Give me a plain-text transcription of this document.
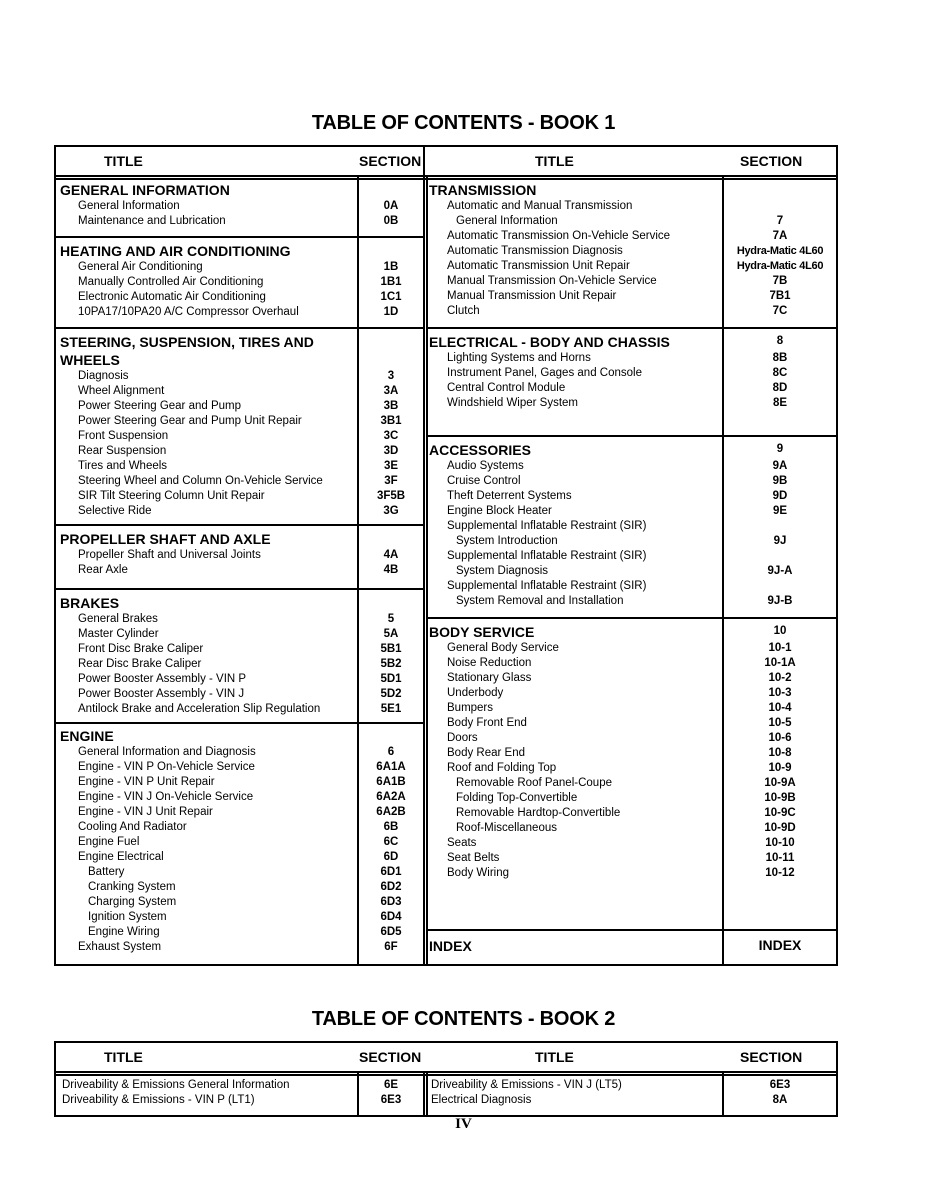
TABLE OF CONTENTS - BOOK 1
TITLE	SECTION	TITLE	SECTION
GENERAL INFORMATION
General Information	0A
Maintenance and Lubrication	0B
HEATING AND AIR CONDITIONING
General Air Conditioning	1B
Manually Controlled Air Conditioning	1B1
Electronic Automatic Air Conditioning	1C1
10PA17/10PA20 A/C Compressor Overhaul	1D
STEERING, SUSPENSION, TIRES AND
WHEELS
Diagnosis	3
Wheel Alignment	3A
Power Steering Gear and Pump	3B
Power Steering Gear and Pump Unit Repair	3B1
Front Suspension	3C
Rear Suspension	3D
Tires and Wheels	3E
Steering Wheel and Column On-Vehicle Service	3F
SIR Tilt Steering Column Unit Repair	3F5B
Selective Ride	3G
PROPELLER SHAFT AND AXLE
Propeller Shaft and Universal Joints	4A
Rear Axle	4B
BRAKES
General Brakes	5
Master Cylinder	5A
Front Disc Brake Caliper	5B1
Rear Disc Brake Caliper	5B2
Power Booster Assembly - VIN P	5D1
Power Booster Assembly - VIN J	5D2
Antilock Brake and Acceleration Slip Regulation	5E1
ENGINE
General Information and Diagnosis	6
Engine - VIN P On-Vehicle Service	6A1A
Engine - VIN P Unit Repair	6A1B
Engine - VIN J On-Vehicle Service	6A2A
Engine - VIN J Unit Repair	6A2B
Cooling And Radiator	6B
Engine Fuel	6C
Engine Electrical	6D
Battery	6D1
Cranking System	6D2
Charging System	6D3
Ignition System	6D4
Engine Wiring	6D5
Exhaust System	6F
TRANSMISSION
Automatic and Manual Transmission
General Information	7
Automatic Transmission On-Vehicle Service	7A
Automatic Transmission Diagnosis	Hydra-Matic 4L60
Automatic Transmission Unit Repair	Hydra-Matic 4L60
Manual Transmission On-Vehicle Service	7B
Manual Transmission Unit Repair	7B1
Clutch	7C
ELECTRICAL - BODY AND CHASSIS	8
Lighting Systems and Horns	8B
Instrument Panel, Gages and Console	8C
Central Control Module	8D
Windshield Wiper System	8E
ACCESSORIES	9
Audio Systems	9A
Cruise Control	9B
Theft Deterrent Systems	9D
Engine Block Heater	9E
Supplemental Inflatable Restraint (SIR)
System Introduction	9J
Supplemental Inflatable Restraint (SIR)
System Diagnosis	9J-A
Supplemental Inflatable Restraint (SIR)
System Removal and Installation	9J-B
BODY SERVICE	10
General Body Service	10-1
Noise Reduction	10-1A
Stationary Glass	10-2
Underbody	10-3
Bumpers	10-4
Body Front End	10-5
Doors	10-6
Body Rear End	10-8
Roof and Folding Top	10-9
Removable Roof Panel-Coupe	10-9A
Folding Top-Convertible	10-9B
Removable Hardtop-Convertible	10-9C
Roof-Miscellaneous	10-9D
Seats	10-10
Seat Belts	10-11
Body Wiring	10-12
INDEX	INDEX
TABLE OF CONTENTS - BOOK 2
TITLE	SECTION	TITLE	SECTION
Driveability & Emissions General Information	6E
Driveability & Emissions - VIN P (LT1)	6E3
Driveability & Emissions - VIN J (LT5)	6E3
Electrical Diagnosis	8A
IV
